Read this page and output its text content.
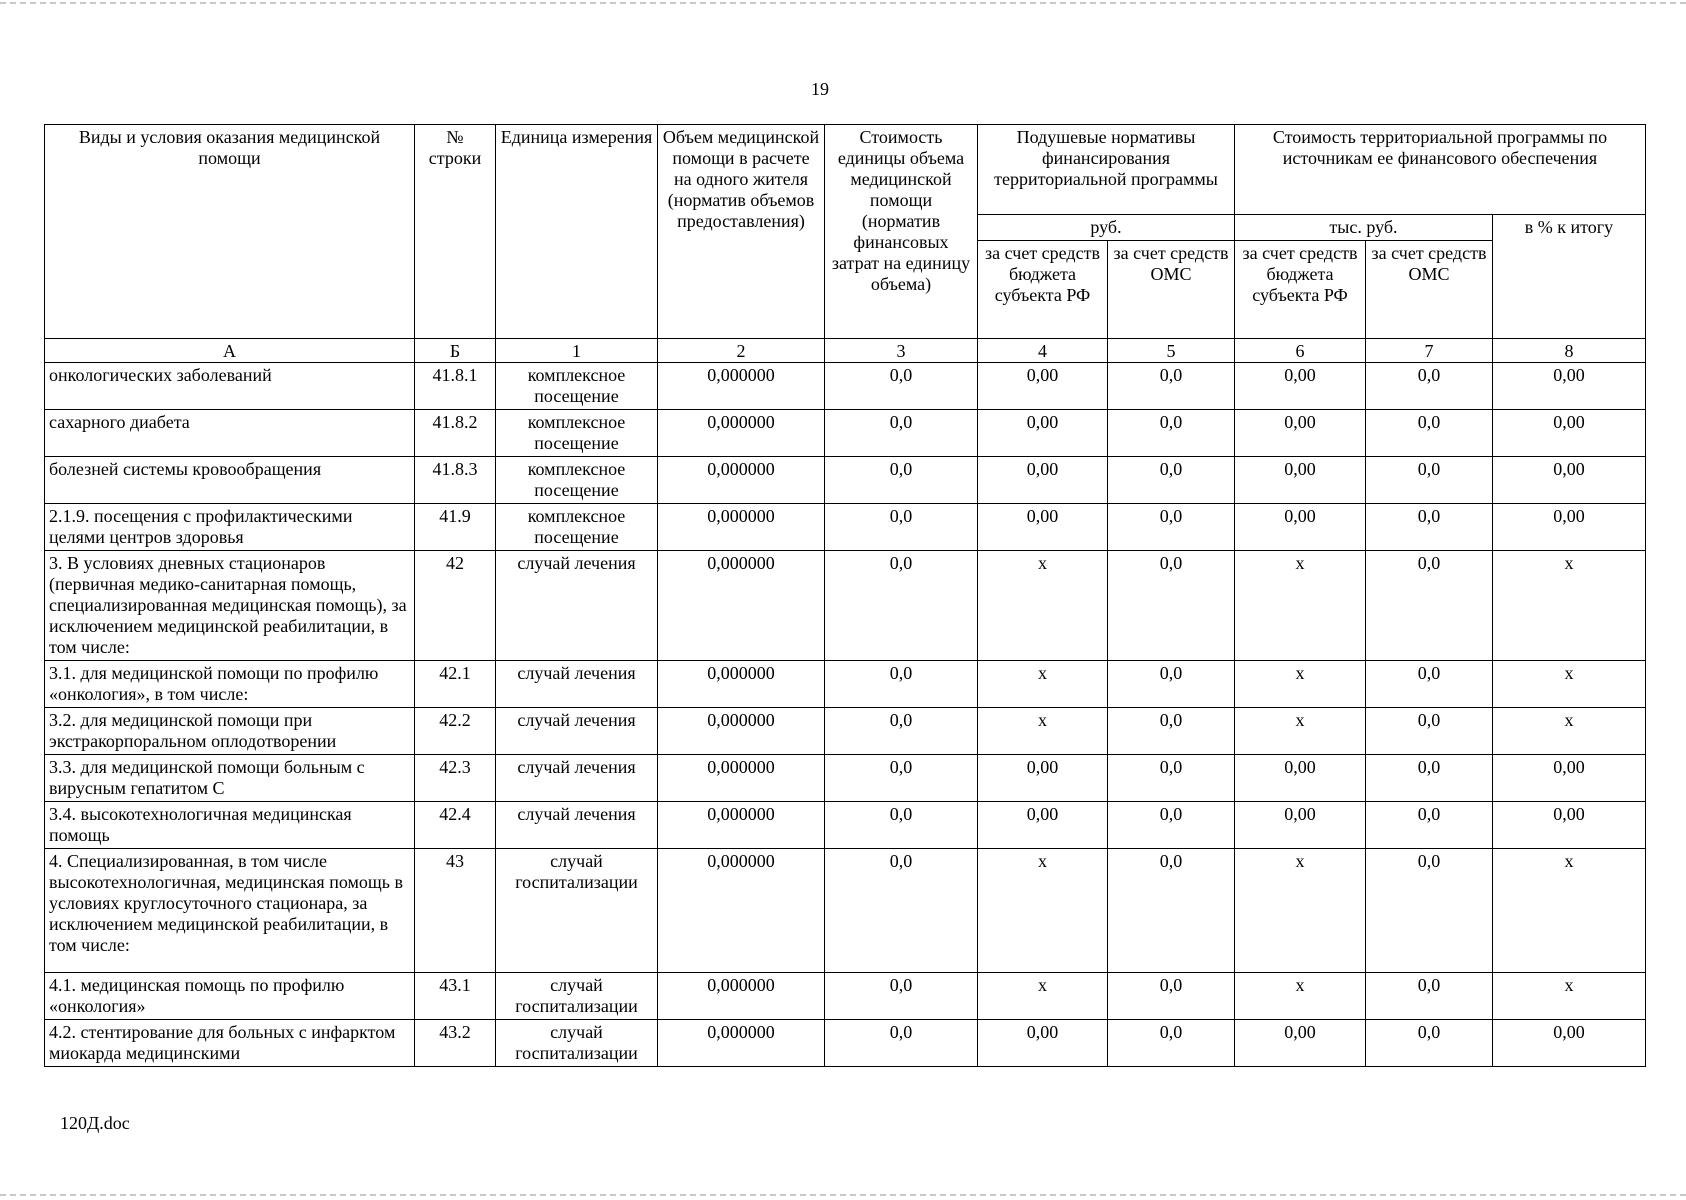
19
Виды и условия оказания медицинской помощи	№ строки	Единица измерения	Объем медицинской помощи в расчете на одного жителя (норматив объемов предоставления)	Стоимость единицы объема медицинской помощи (норматив финансовых затрат на единицу объема)	Подушевые нормативы финансирования территориальной программы		Стоимость территориальной программы по источникам ее финансового обеспечения		
					руб.		тыс. руб.		в % к итогу
					за счет средств бюджета субъекта РФ	за счет средств ОМС	за счет средств бюджета субъекта РФ	за счет средств ОМС	
А	Б	1	2	3	4	5	6	7	8
онкологических заболеваний	41.8.1	комплексное посещение	0,000000	0,0	0,00	0,0	0,00	0,0	0,00
сахарного диабета	41.8.2	комплексное посещение	0,000000	0,0	0,00	0,0	0,00	0,0	0,00
болезней системы кровообращения	41.8.3	комплексное посещение	0,000000	0,0	0,00	0,0	0,00	0,0	0,00
2.1.9. посещения с профилактическими целями центров здоровья	41.9	комплексное посещение	0,000000	0,0	0,00	0,0	0,00	0,0	0,00
3. В условиях дневных стационаров (первичная медико-санитарная помощь, специализированная медицинская помощь), за исключением медицинской реабилитации, в том числе:	42	случай лечения	0,000000	0,0	x	0,0	x	0,0	x
3.1. для медицинской помощи по профилю «онкология», в том числе:	42.1	случай лечения	0,000000	0,0	x	0,0	x	0,0	x
3.2. для медицинской помощи при экстракорпоральном оплодотворении	42.2	случай лечения	0,000000	0,0	x	0,0	x	0,0	x
3.3. для медицинской помощи больным с вирусным гепатитом С	42.3	случай лечения	0,000000	0,0	0,00	0,0	0,00	0,0	0,00
3.4. высокотехнологичная медицинская помощь	42.4	случай лечения	0,000000	0,0	0,00	0,0	0,00	0,0	0,00
4. Специализированная, в том числе высокотехнологичная, медицинская помощь в условиях круглосуточного стационара, за исключением медицинской реабилитации, в том числе:	43	случай госпитализации	0,000000	0,0	x	0,0	x	0,0	x
4.1. медицинская помощь по профилю «онкология»	43.1	случай госпитализации	0,000000	0,0	x	0,0	x	0,0	x
4.2. стентирование для больных с инфарктом миокарда медицинскими	43.2	случай госпитализации	0,000000	0,0	0,00	0,0	0,00	0,0	0,00
120Д.doc
